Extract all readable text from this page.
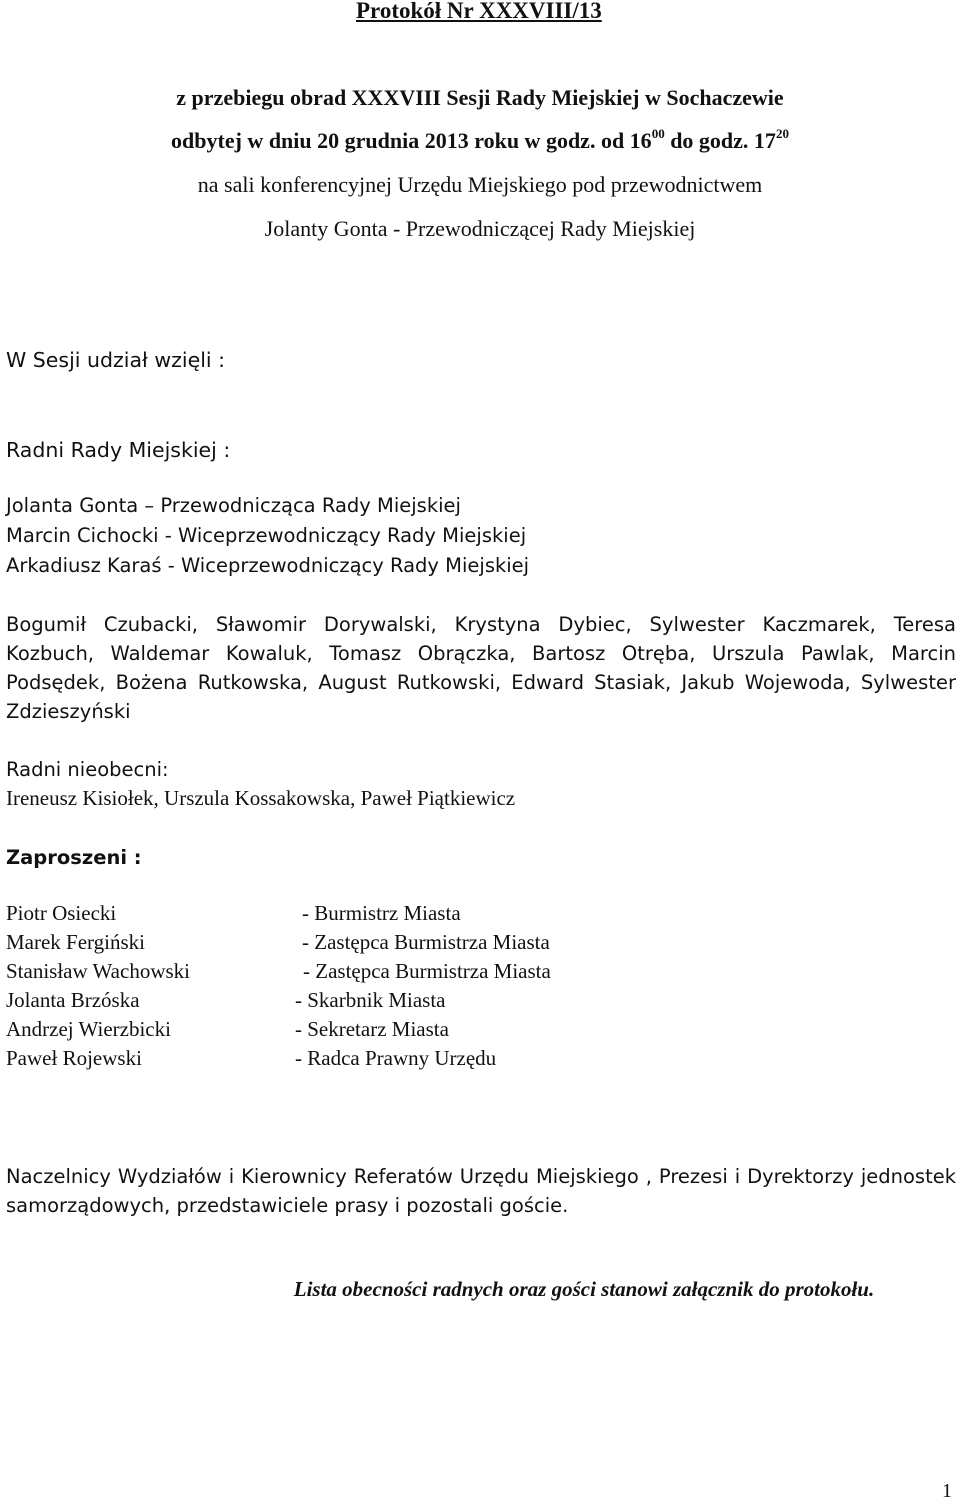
Protokół Nr XXXVIII/13
z przebiegu obrad XXXVIII Sesji Rady Miejskiej w Sochaczewie
odbytej w dniu 20 grudnia 2013 roku w godz. od $16^{00}$ do godz. $17^{20}$
na sali konferencyjnej Urzędu Miejskiego pod przewodnictwem
Jolanty Gonta - Przewodniczącej Rady Miejskiej
W Sesji udział wzięli :
Radni Rady Miejskiej :
Jolanta Gonta – Przewodnicząca Rady Miejskiej
Marcin Cichocki - Wiceprzewodniczący Rady Miejskiej
Arkadiusz Karaś - Wiceprzewodniczący Rady Miejskiej
Bogumił Czubacki, Sławomir Dorywalski, Krystyna Dybiec, Sylwester Kaczmarek, Teresa Kozbuch, Waldemar Kowaluk, Tomasz Obrączka, Bartosz Otręba, Urszula Pawlak, Marcin Podsędek, Bożena Rutkowska, August Rutkowski, Edward Stasiak, Jakub Wojewoda, Sylwester Zdzieszyński
Radni nieobecni:
Ireneusz Kisiołek, Urszula Kossakowska, Paweł Piątkiewicz
Zaproszeni :
Piotr Osiecki	- Burmistrz Miasta
Marek Fergiński	- Zastępca Burmistrza Miasta
Stanisław Wachowski	- Zastępca Burmistrza Miasta
Jolanta Brzóska	- Skarbnik Miasta
Andrzej Wierzbicki	- Sekretarz Miasta
Paweł Rojewski	- Radca Prawny Urzędu
Naczelnicy Wydziałów i Kierownicy Referatów Urzędu Miejskiego , Prezesi i Dyrektorzy jednostek samorządowych, przedstawiciele prasy i pozostali goście.
Lista obecności radnych oraz gości stanowi załącznik do protokołu.
1
